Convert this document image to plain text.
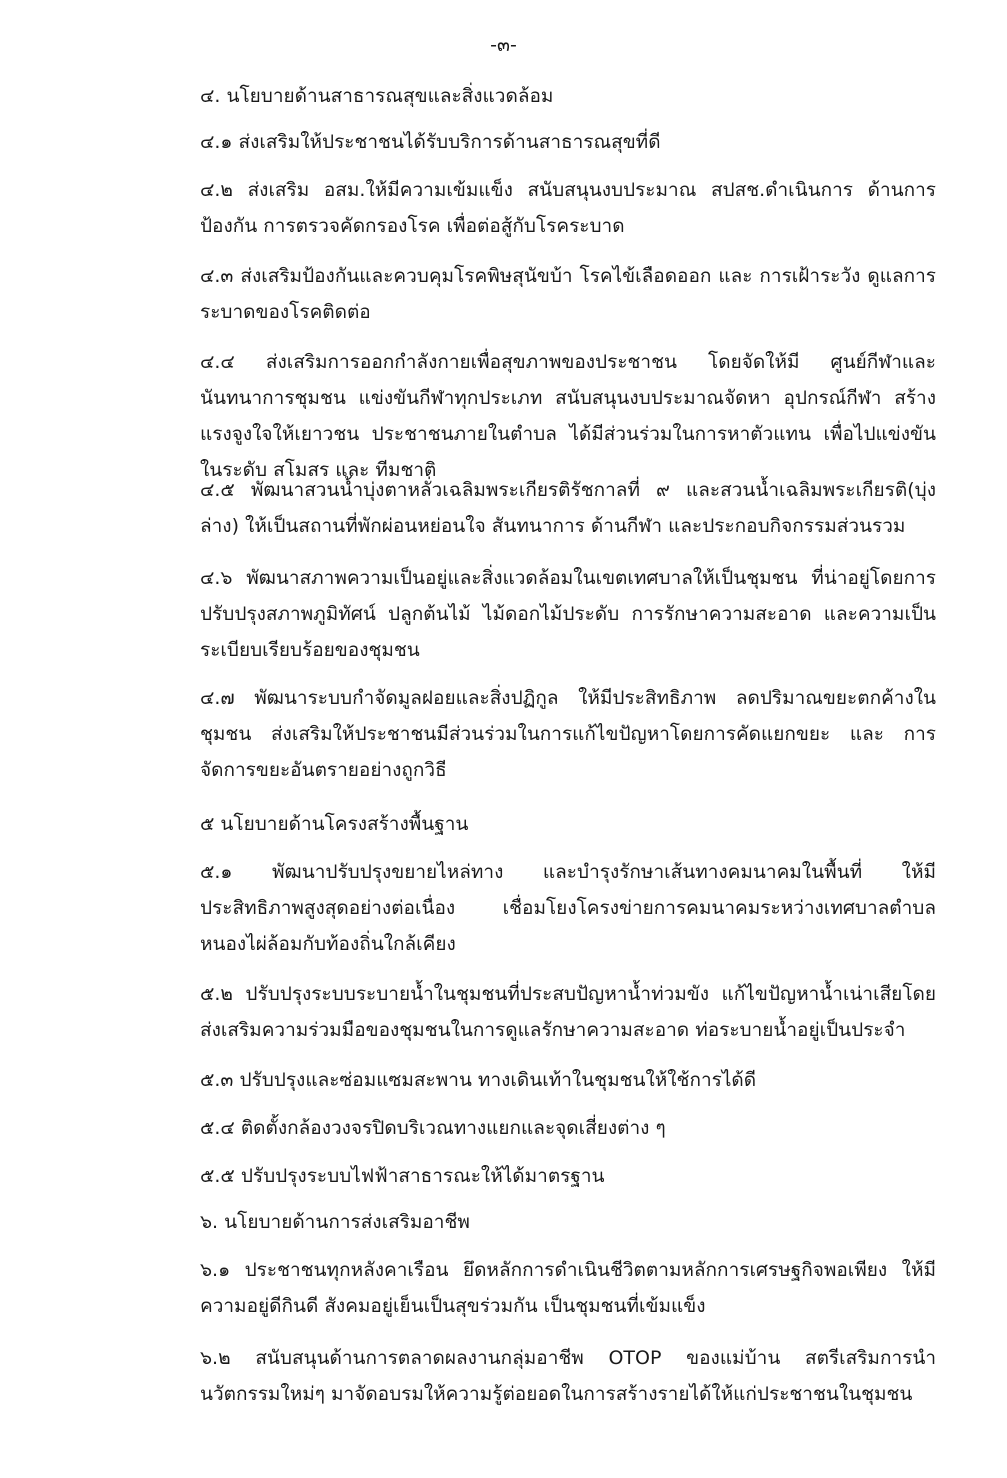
-๓-
๔. นโยบายด้านสาธารณสุขและสิ่งแวดล้อม
๔.๑ ส่งเสริมให้ประชาชนได้รับบริการด้านสาธารณสุขที่ดี
๔.๒ ส่งเสริม อสม.ให้มีความเข้มแข็ง สนับสนุนงบประมาณ สปสช.ดำเนินการ ด้านการป้องกัน การตรวจคัดกรองโรค เพื่อต่อสู้กับโรคระบาด
๔.๓ ส่งเสริมป้องกันและควบคุมโรคพิษสุนัขบ้า โรคไข้เลือดออก และ การเฝ้าระวัง ดูแลการระบาดของโรคติดต่อ
๔.๔ ส่งเสริมการออกกำลังกายเพื่อสุขภาพของประชาชน โดยจัดให้มี ศูนย์กีฬาและนันทนาการชุมชน แข่งขันกีฬาทุกประเภท สนับสนุนงบประมาณจัดหา อุปกรณ์กีฬา สร้างแรงจูงใจให้เยาวชน ประชาชนภายในตำบล ได้มีส่วนร่วมในการหาตัวแทน เพื่อไปแข่งขันในระดับ สโมสร และ ทีมชาติ
๔.๕ พัฒนาสวนน้ำบุ่งตาหลั่วเฉลิมพระเกียรติรัชกาลที่ ๙ และสวนน้ำเฉลิมพระเกียรติ(บุ่งล่าง) ให้เป็นสถานที่พักผ่อนหย่อนใจ สันทนาการ ด้านกีฬา และประกอบกิจกรรมส่วนรวม
๔.๖ พัฒนาสภาพความเป็นอยู่และสิ่งแวดล้อมในเขตเทศบาลให้เป็นชุมชน ที่น่าอยู่โดยการปรับปรุงสภาพภูมิทัศน์ ปลูกต้นไม้ ไม้ดอกไม้ประดับ การรักษาความสะอาด และความเป็นระเบียบเรียบร้อยของชุมชน
๔.๗ พัฒนาระบบกำจัดมูลฝอยและสิ่งปฏิกูล ให้มีประสิทธิภาพ ลดปริมาณขยะตกค้างในชุมชน ส่งเสริมให้ประชาชนมีส่วนร่วมในการแก้ไขปัญหาโดยการคัดแยกขยะ และ การจัดการขยะอันตรายอย่างถูกวิธี
๕ นโยบายด้านโครงสร้างพื้นฐาน
๕.๑ พัฒนาปรับปรุงขยายไหล่ทาง และบำรุงรักษาเส้นทางคมนาคมในพื้นที่ ให้มีประสิทธิภาพสูงสุดอย่างต่อเนื่อง เชื่อมโยงโครงข่ายการคมนาคมระหว่างเทศบาลตำบลหนองไผ่ล้อมกับท้องถิ่นใกล้เคียง
๕.๒ ปรับปรุงระบบระบายน้ำในชุมชนที่ประสบปัญหาน้ำท่วมขัง แก้ไขปัญหาน้ำเน่าเสียโดยส่งเสริมความร่วมมือของชุมชนในการดูแลรักษาความสะอาด ท่อระบายน้ำอยู่เป็นประจำ
๕.๓ ปรับปรุงและซ่อมแซมสะพาน ทางเดินเท้าในชุมชนให้ใช้การได้ดี
๕.๔ ติดตั้งกล้องวงจรปิดบริเวณทางแยกและจุดเสี่ยงต่าง ๆ
๕.๕ ปรับปรุงระบบไฟฟ้าสาธารณะให้ได้มาตรฐาน
๖. นโยบายด้านการส่งเสริมอาชีพ
๖.๑ ประชาชนทุกหลังคาเรือน ยึดหลักการดำเนินชีวิตตามหลักการเศรษฐกิจพอเพียง ให้มีความอยู่ดีกินดี สังคมอยู่เย็นเป็นสุขร่วมกัน เป็นชุมชนที่เข้มแข็ง
๖.๒ สนับสนุนด้านการตลาดผลงานกลุ่มอาชีพ OTOP ของแม่บ้าน สตรีเสริมการนำนวัตกรรมใหม่ๆ มาจัดอบรมให้ความรู้ต่อยอดในการสร้างรายได้ให้แก่ประชาชนในชุมชน
